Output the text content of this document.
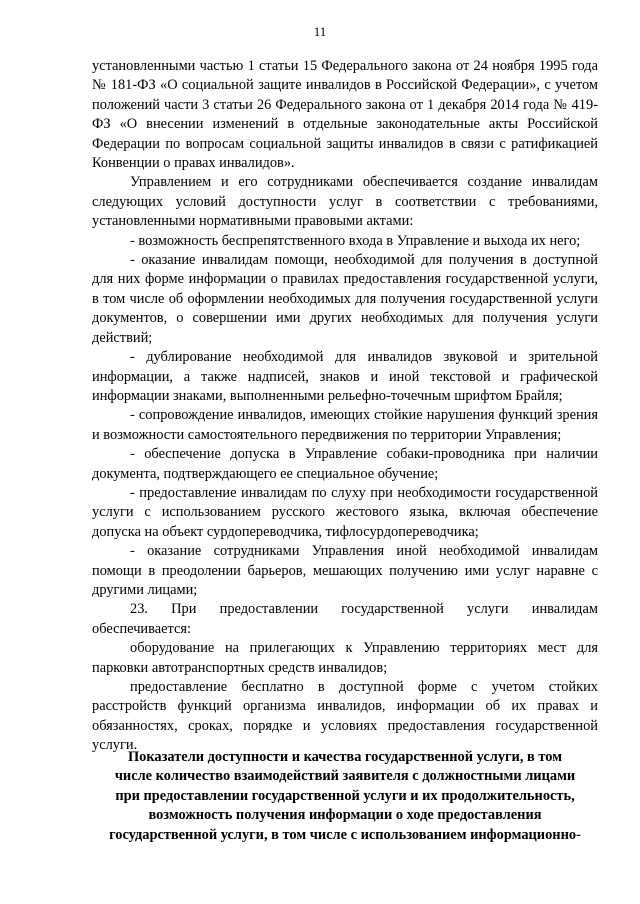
11

установленными частью 1 статьи 15 Федерального закона от 24 ноября 1995 года № 181-ФЗ «О социальной защите инвалидов в Российской Федерации», с учетом положений части 3 статьи 26 Федерального закона от 1 декабря 2014 года № 419-ФЗ «О внесении изменений в отдельные законодательные акты Российской Федерации по вопросам социальной защиты инвалидов в связи с ратификацией Конвенции о правах инвалидов».

Управлением и его сотрудниками обеспечивается создание инвалидам следующих условий доступности услуг в соответствии с требованиями, установленными нормативными правовыми актами:

- возможность беспрепятственного входа в Управление и выхода их него;

- оказание инвалидам помощи, необходимой для получения в доступной для них форме информации о правилах предоставления государственной услуги, в том числе об оформлении необходимых для получения государственной услуги документов, о совершении ими других необходимых для получения услуги действий;

- дублирование необходимой для инвалидов звуковой и зрительной информации, а также надписей, знаков и иной текстовой и графической информации знаками, выполненными рельефно-точечным шрифтом Брайля;

- сопровождение инвалидов, имеющих стойкие нарушения функций зрения и возможности самостоятельного передвижения по территории Управления;

- обеспечение допуска в Управление собаки-проводника при наличии документа, подтверждающего ее специальное обучение;

- предоставление инвалидам по слуху при необходимости государственной услуги с использованием русского жестового языка, включая обеспечение допуска на объект сурдопереводчика, тифлосурдопереводчика;

- оказание сотрудниками Управления иной необходимой инвалидам помощи в преодолении барьеров, мешающих получению ими услуг наравне с другими лицами;

23. При предоставлении государственной услуги инвалидам обеспечивается:

оборудование на прилегающих к Управлению территориях мест для парковки автотранспортных средств инвалидов;

предоставление бесплатно в доступной форме с учетом стойких расстройств функций организма инвалидов, информации об их правах и обязанностях, сроках, порядке и условиях предоставления государственной услуги.

Показатели доступности и качества государственной услуги, в том

числе количество взаимодействий заявителя с должностными лицами

при предоставлении государственной услуги и их продолжительность,

возможность получения информации о ходе предоставления

государственной услуги, в том числе с использованием информационно-
